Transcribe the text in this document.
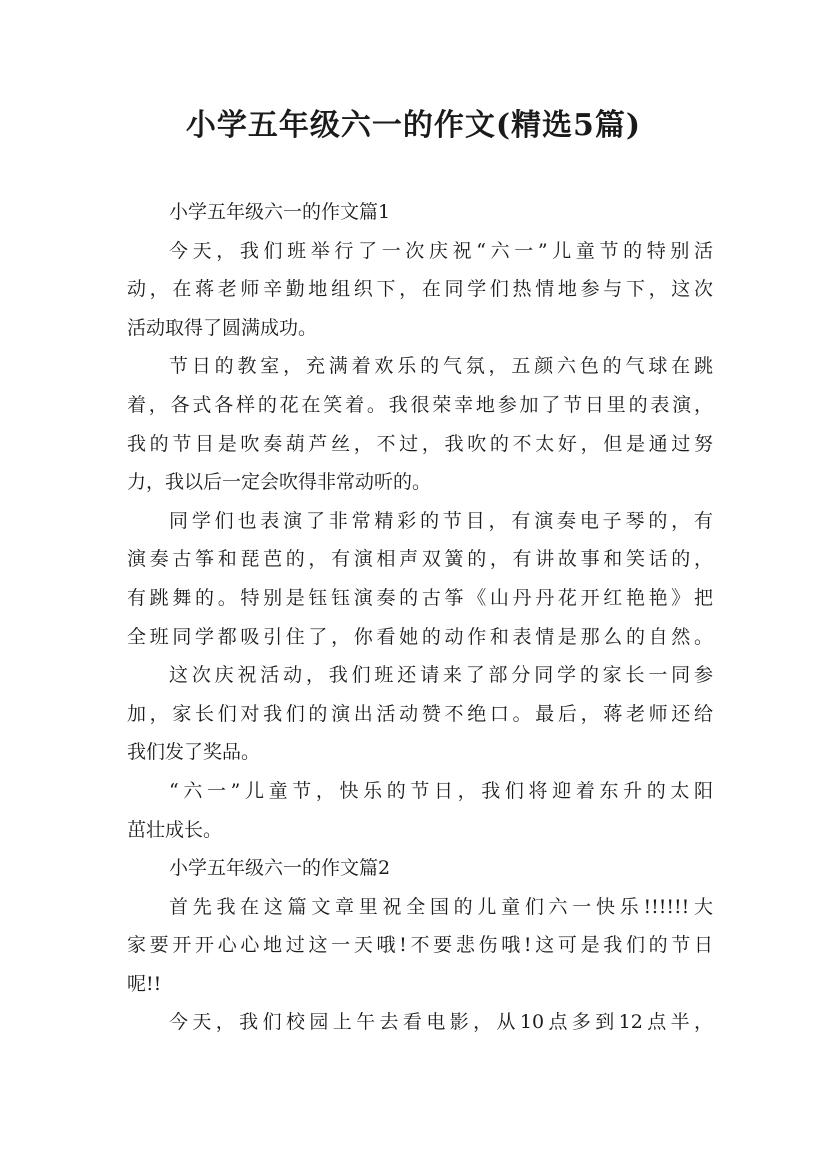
小学五年级六一的作文(精选5篇)
小学五年级六一的作文篇1
今天，我们班举行了一次庆祝“六一”儿童节的特别活
动，在蒋老师辛勤地组织下，在同学们热情地参与下，这次
活动取得了圆满成功。
节日的教室，充满着欢乐的气氛，五颜六色的气球在跳
着，各式各样的花在笑着。我很荣幸地参加了节日里的表演，
我的节目是吹奏葫芦丝，不过，我吹的不太好，但是通过努
力，我以后一定会吹得非常动听的。
同学们也表演了非常精彩的节目，有演奏电子琴的，有
演奏古筝和琵芭的，有演相声双簧的，有讲故事和笑话的，
有跳舞的。特别是钰钰演奏的古筝《山丹丹花开红艳艳》把
全班同学都吸引住了，你看她的动作和表情是那么的自然。
这次庆祝活动，我们班还请来了部分同学的家长一同参
加，家长们对我们的演出活动赞不绝口。最后，蒋老师还给
我们发了奖品。
“六一”儿童节，快乐的节日，我们将迎着东升的太阳
茁壮成长。
小学五年级六一的作文篇2
首先我在这篇文章里祝全国的儿童们六一快乐!!!!!!大
家要开开心心地过这一天哦!不要悲伤哦!这可是我们的节日
呢!!
今天，我们校园上午去看电影，从10点多到12点半，
